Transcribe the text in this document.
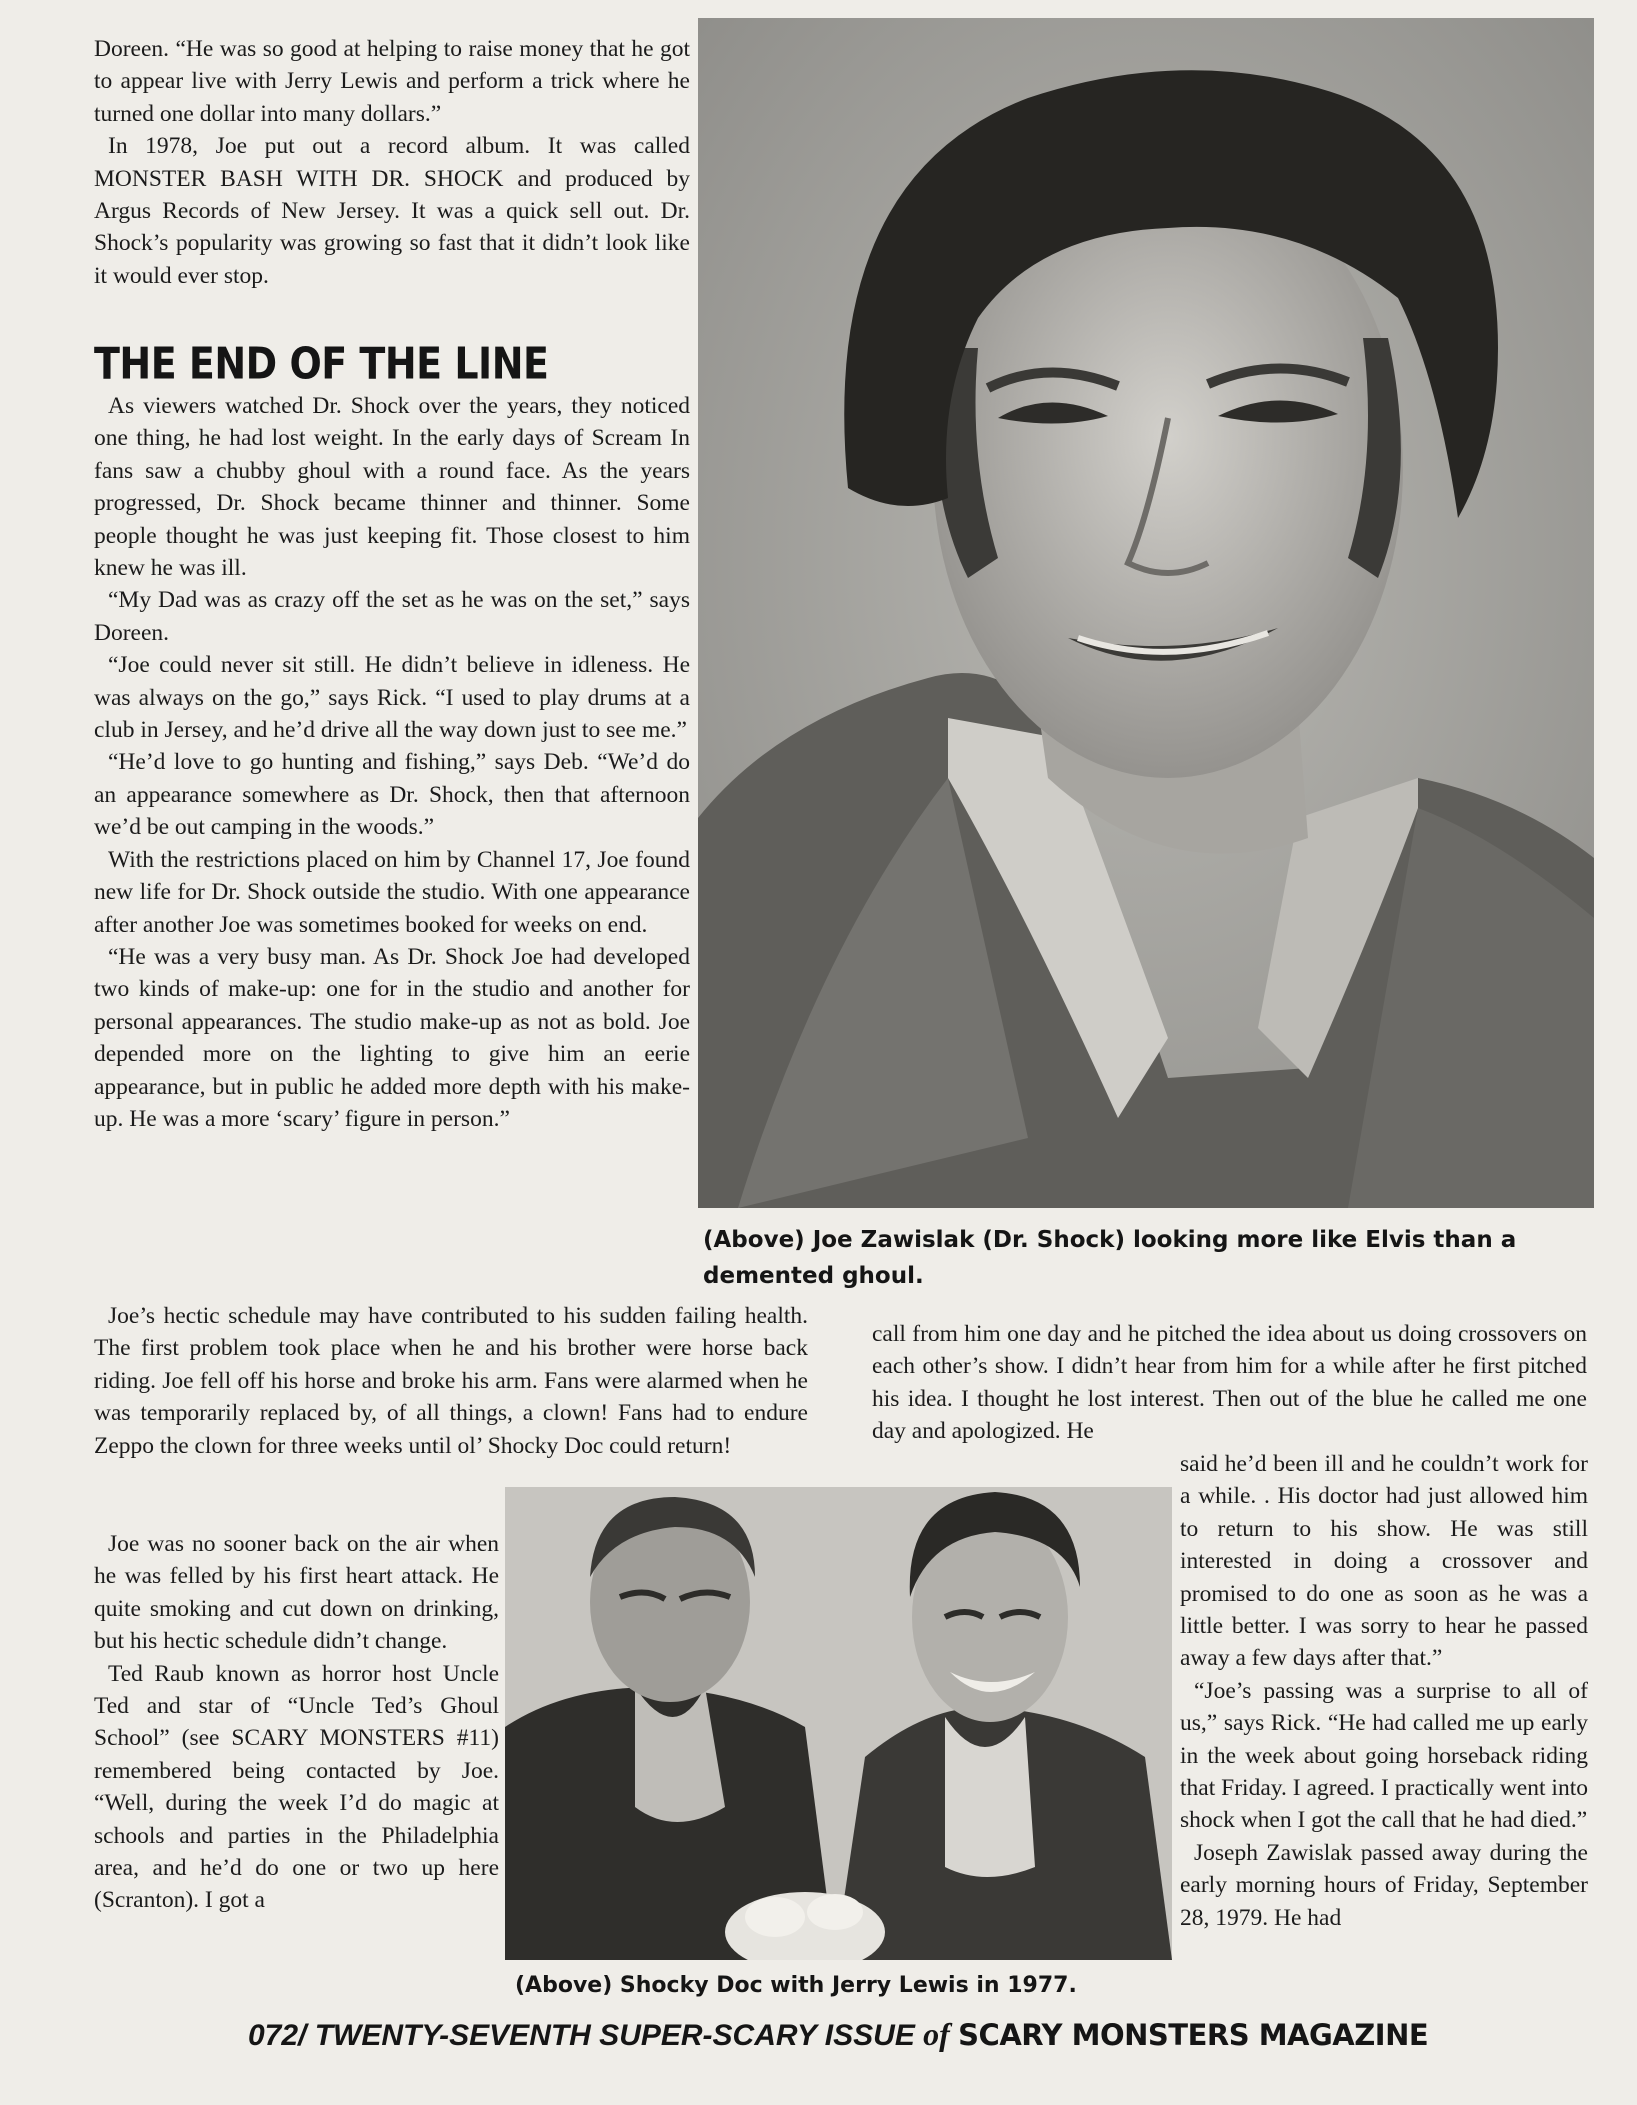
Doreen. “He was so good at helping to raise money that he got to appear live with Jerry Lewis and perform a trick where he turned one dollar into many dollars.”

In 1978, Joe put out a record album. It was called MONSTER BASH WITH DR. SHOCK and produced by Argus Records of New Jersey. It was a quick sell out. Dr. Shock’s popularity was growing so fast that it didn’t look like it would ever stop.

THE END OF THE LINE

As viewers watched Dr. Shock over the years, they noticed one thing, he had lost weight. In the early days of Scream In fans saw a chubby ghoul with a round face. As the years progressed, Dr. Shock became thinner and thinner. Some people thought he was just keeping fit. Those closest to him knew he was ill.

“My Dad was as crazy off the set as he was on the set,” says Doreen.

“Joe could never sit still. He didn’t believe in idleness. He was always on the go,” says Rick. “I used to play drums at a club in Jersey, and he’d drive all the way down just to see me.”

“He’d love to go hunting and fishing,” says Deb. “We’d do an appearance somewhere as Dr. Shock, then that afternoon we’d be out camping in the woods.”

With the restrictions placed on him by Channel 17, Joe found new life for Dr. Shock outside the studio. With one appearance after another Joe was sometimes booked for weeks on end.

“He was a very busy man. As Dr. Shock Joe had developed two kinds of make-up: one for in the studio and another for personal appearances. The studio make-up as not as bold. Joe depended more on the lighting to give him an eerie appearance, but in public he added more depth with his make-up. He was a more ‘scary’ figure in person.”

Joe’s hectic schedule may have contributed to his sudden failing health. The first problem took place when he and his brother were horse back riding. Joe fell off his horse and broke his arm. Fans were alarmed when he was temporarily replaced by, of all things, a clown! Fans had to endure Zeppo the clown for three weeks until ol’ Shocky Doc could return!

Joe was no sooner back on the air when he was felled by his first heart attack. He quite smoking and cut down on drinking, but his hectic schedule didn’t change.

Ted Raub known as horror host Uncle Ted and star of “Uncle Ted’s Ghoul School” (see SCARY MONSTERS #11) remembered being contacted by Joe. “Well, during the week I’d do magic at schools and parties in the Philadelphia area, and he’d do one or two up here (Scranton). I got a

(Above) Joe Zawislak (Dr. Shock) looking more like Elvis than a demented ghoul.

call from him one day and he pitched the idea about us doing crossovers on each other’s show. I didn’t hear from him for a while after he first pitched his idea. I thought he lost interest. Then out of the blue he called me one day and apologized. He

said he’d been ill and he couldn’t work for a while. . His doctor had just allowed him to return to his show. He was still interested in doing a crossover and promised to do one as soon as he was a little better. I was sorry to hear he passed away a few days after that.”

“Joe’s passing was a surprise to all of us,” says Rick. “He had called me up early in the week about going horseback riding that Friday. I agreed. I practically went into shock when I got the call that he had died.”

Joseph Zawislak passed away during the early morning hours of Friday, September 28, 1979. He had

(Above) Shocky Doc with Jerry Lewis in 1977.

072/ TWENTY-SEVENTH SUPER-SCARY ISSUE of SCARY MONSTERS MAGAZINE
